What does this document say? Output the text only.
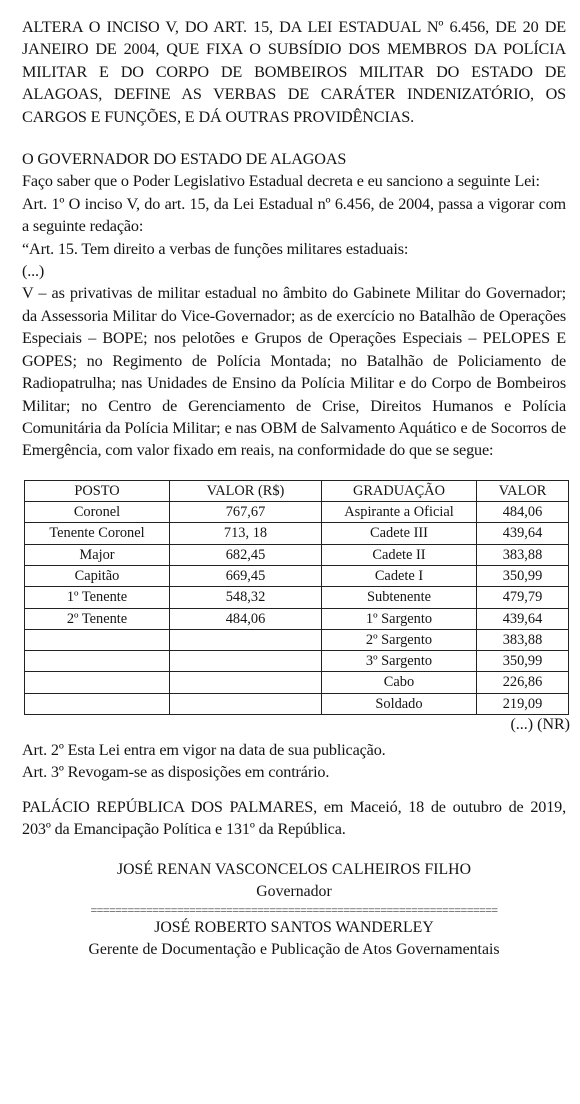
ALTERA O INCISO V, DO ART. 15, DA LEI ESTADUAL Nº 6.456, DE 20 DE JANEIRO DE 2004, QUE FIXA O SUBSÍDIO DOS MEMBROS DA POLÍCIA MILITAR E DO CORPO DE BOMBEIROS MILITAR DO ESTADO DE ALAGOAS, DEFINE AS VERBAS DE CARÁTER INDENIZATÓRIO, OS CARGOS E FUNÇÕES, E DÁ OUTRAS PROVIDÊNCIAS.

O GOVERNADOR DO ESTADO DE ALAGOAS

Faço saber que o Poder Legislativo Estadual decreta e eu sanciono a seguinte Lei:

Art. 1º O inciso V, do art. 15, da Lei Estadual nº 6.456, de 2004, passa a vigorar com a seguinte redação:

“Art. 15. Tem direito a verbas de funções militares estaduais:

(...)

V – as privativas de militar estadual no âmbito do Gabinete Militar do Governador; da Assessoria Militar do Vice-Governador; as de exercício no Batalhão de Operações Especiais – BOPE; nos pelotões e Grupos de Operações Especiais – PELOPES E GOPES; no Regimento de Polícia Montada; no Batalhão de Policiamento de Radiopatrulha; nas Unidades de Ensino da Polícia Militar e do Corpo de Bombeiros Militar; no Centro de Gerenciamento de Crise, Direitos Humanos e Polícia Comunitária da Polícia Militar; e nas OBM de Salvamento Aquático e de Socorros de Emergência, com valor fixado em reais, na conformidade do que se segue:

POSTO	VALOR (R$)	GRADUAÇÃO	VALOR
Coronel	767,67	Aspirante a Oficial	484,06
Tenente Coronel	713, 18	Cadete III	439,64
Major	682,45	Cadete II	383,88
Capitão	669,45	Cadete I	350,99
1º Tenente	548,32	Subtenente	479,79
2º Tenente	484,06	1º Sargento	439,64
		2º Sargento	383,88
		3º Sargento	350,99
		Cabo	226,86
		Soldado	219,09

(...) (NR)

Art. 2º Esta Lei entra em vigor na data de sua publicação.

Art. 3º Revogam-se as disposições em contrário.

PALÁCIO REPÚBLICA DOS PALMARES, em Maceió, 18 de outubro de 2019, 203º da Emancipação Política e 131º da República.

JOSÉ RENAN VASCONCELOS CALHEIROS FILHO

Governador

==================================================================

JOSÉ ROBERTO SANTOS WANDERLEY

Gerente de Documentação e Publicação de Atos Governamentais
